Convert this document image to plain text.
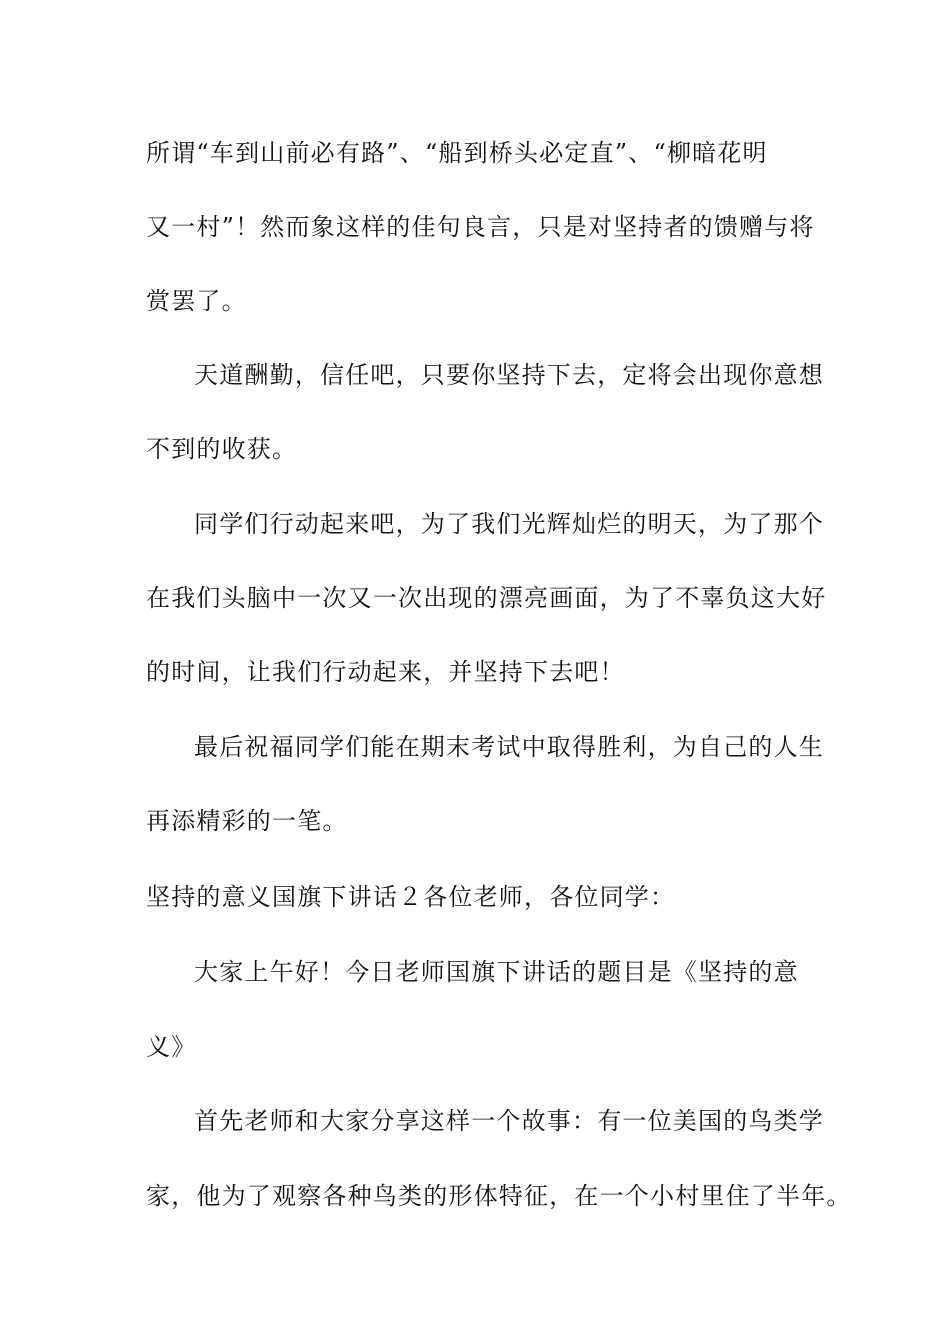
所谓“车到山前必有路”、“船到桥头必定直”、“柳暗花明
又一村”！然而象这样的佳句良言，只是对坚持者的馈赠与将
赏罢了。
天道酬勤，信任吧，只要你坚持下去，定将会出现你意想
不到的收获。
同学们行动起来吧，为了我们光辉灿烂的明天，为了那个
在我们头脑中一次又一次出现的漂亮画面，为了不辜负这大好
的时间，让我们行动起来，并坚持下去吧！
最后祝福同学们能在期末考试中取得胜利，为自己的人生
再添精彩的一笔。
坚持的意义国旗下讲话２各位老师，各位同学：
大家上午好！今日老师国旗下讲话的题目是《坚持的意
义》
首先老师和大家分享这样一个故事：有一位美国的鸟类学
家，他为了观察各种鸟类的形体特征，在一个小村里住了半年。
